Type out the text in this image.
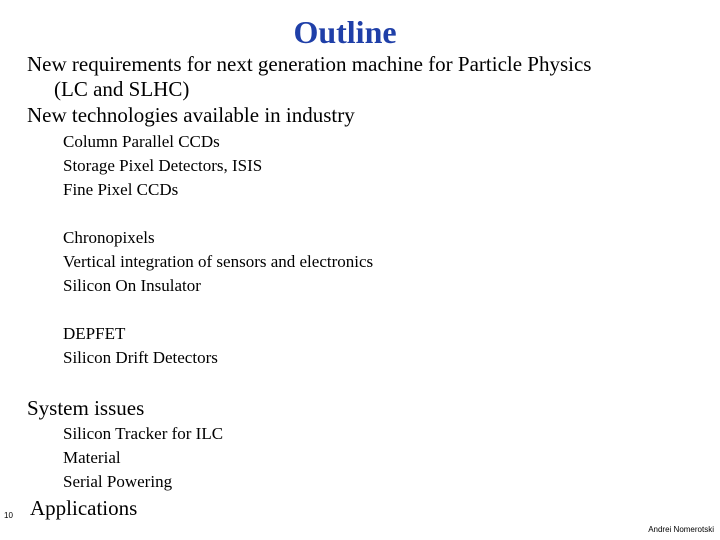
Outline
New requirements for next generation machine for Particle Physics
(LC and SLHC)
New technologies available in industry
Column Parallel CCDs
Storage Pixel Detectors, ISIS
Fine Pixel CCDs
Chronopixels
Vertical integration of sensors and electronics
Silicon On Insulator
DEPFET
Silicon Drift Detectors
System issues
Silicon Tracker for ILC
Material
Serial Powering
Applications
10
Andrei Nomerotski
